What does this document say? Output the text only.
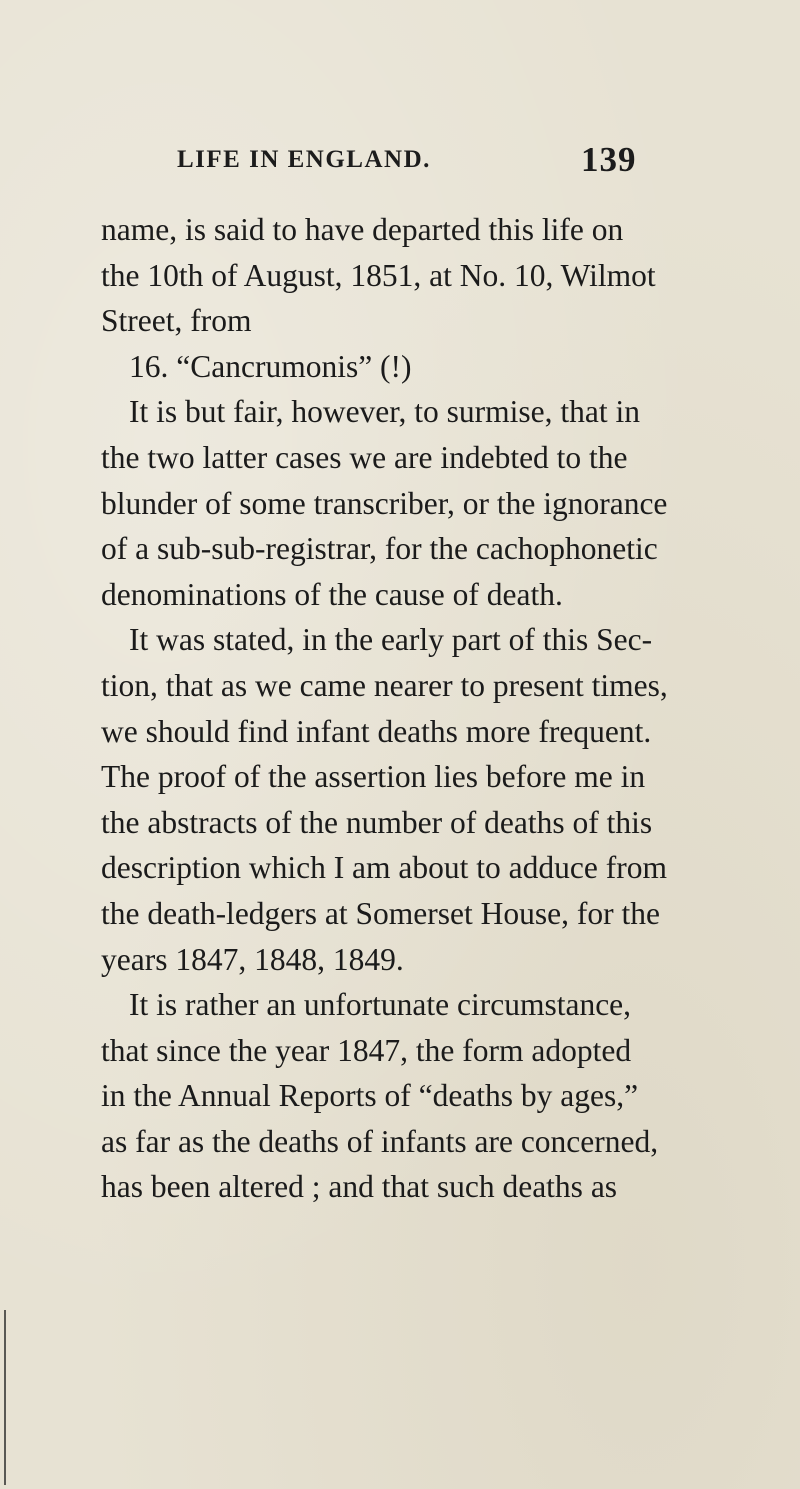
LIFE IN ENGLAND.	139
name, is said to have departed this life on
the 10th of August, 1851, at No. 10, Wilmot
Street, from
16. “Cancrumonis” (!)
It is but fair, however, to surmise, that in
the two latter cases we are indebted to the
blunder of some transcriber, or the ignorance
of a sub-sub-registrar, for the cachophonetic
denominations of the cause of death.
It was stated, in the early part of this Sec-
tion, that as we came nearer to present times,
we should find infant deaths more frequent.
The proof of the assertion lies before me in
the abstracts of the number of deaths of this
description which I am about to adduce from
the death-ledgers at Somerset House, for the
years 1847, 1848, 1849.
It is rather an unfortunate circumstance,
that since the year 1847, the form adopted
in the Annual Reports of “deaths by ages,”
as far as the deaths of infants are concerned,
has been altered ; and that such deaths as
